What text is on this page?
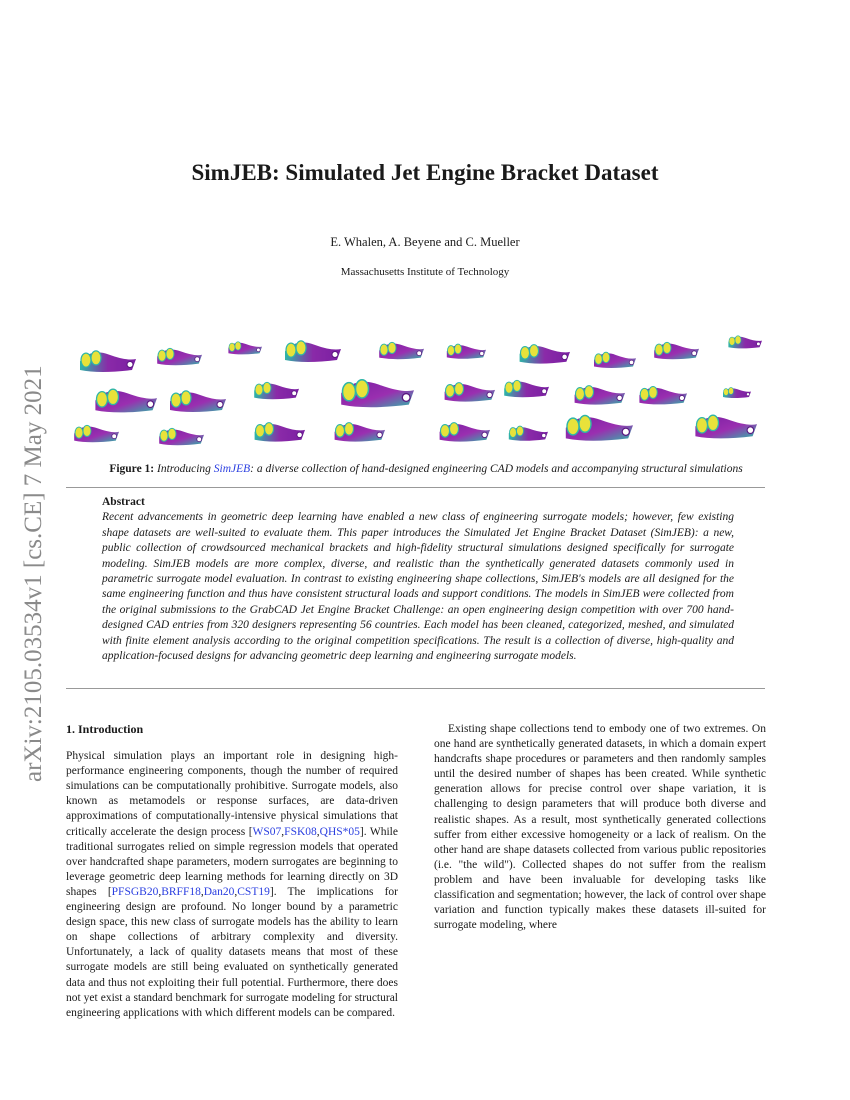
arXiv:2105.03534v1 [cs.CE] 7 May 2021
SimJEB: Simulated Jet Engine Bracket Dataset
E. Whalen, A. Beyene and C. Mueller
Massachusetts Institute of Technology
Figure 1: Introducing SimJEB: a diverse collection of hand-designed engineering CAD models and accompanying structural simulations
Abstract
Recent advancements in geometric deep learning have enabled a new class of engineering surrogate models; however, few existing shape datasets are well-suited to evaluate them. This paper introduces the Simulated Jet Engine Bracket Dataset (SimJEB): a new, public collection of crowdsourced mechanical brackets and high-fidelity structural simulations designed specifically for surrogate modeling. SimJEB models are more complex, diverse, and realistic than the synthetically generated datasets commonly used in parametric surrogate model evaluation. In contrast to existing engineering shape collections, SimJEB's models are all designed for the same engineering function and thus have consistent structural loads and support conditions. The models in SimJEB were collected from the original submissions to the GrabCAD Jet Engine Bracket Challenge: an open engineering design competition with over 700 hand-designed CAD entries from 320 designers representing 56 countries. Each model has been cleaned, categorized, meshed, and simulated with finite element analysis according to the original competition specifications. The result is a collection of diverse, high-quality and application-focused designs for advancing geometric deep learning and engineering surrogate models.
1. Introduction

Physical simulation plays an important role in designing high-performance engineering components, though the number of required simulations can be computationally prohibitive. Surrogate models, also known as metamodels or response surfaces, are data-driven approximations of computationally-intensive physical simulations that critically accelerate the design process [WS07,FSK08,QHS*05]. While traditional surrogates relied on simple regression models that operated over handcrafted shape parameters, modern surrogates are beginning to leverage geometric deep learning methods for learning directly on 3D shapes [PFSGB20,BRFF18,Dan20,CST19]. The implications for engineering design are profound. No longer bound by a parametric design space, this new class of surrogate models has the ability to learn on shape collections of arbitrary complexity and diversity. Unfortunately, a lack of quality datasets means that most of these surrogate models are still being evaluated on synthetically generated data and thus not exploiting their full potential. Furthermore, there does not yet exist a standard benchmark for surrogate modeling for structural engineering applications with which different models can be compared.

Existing shape collections tend to embody one of two extremes. On one hand are synthetically generated datasets, in which a domain expert handcrafts shape procedures or parameters and then randomly samples until the desired number of shapes has been created. While synthetic generation allows for precise control over shape variation, it is challenging to design parameters that will produce both diverse and realistic shapes. As a result, most synthetically generated collections suffer from either excessive homogeneity or a lack of realism. On the other hand are shape datasets collected from various public repositories (i.e. "the wild"). Collected shapes do not suffer from the realism problem and have been invaluable for developing tasks like classification and segmentation; however, the lack of control over shape variation and function typically makes these datasets ill-suited for surrogate modeling, where
